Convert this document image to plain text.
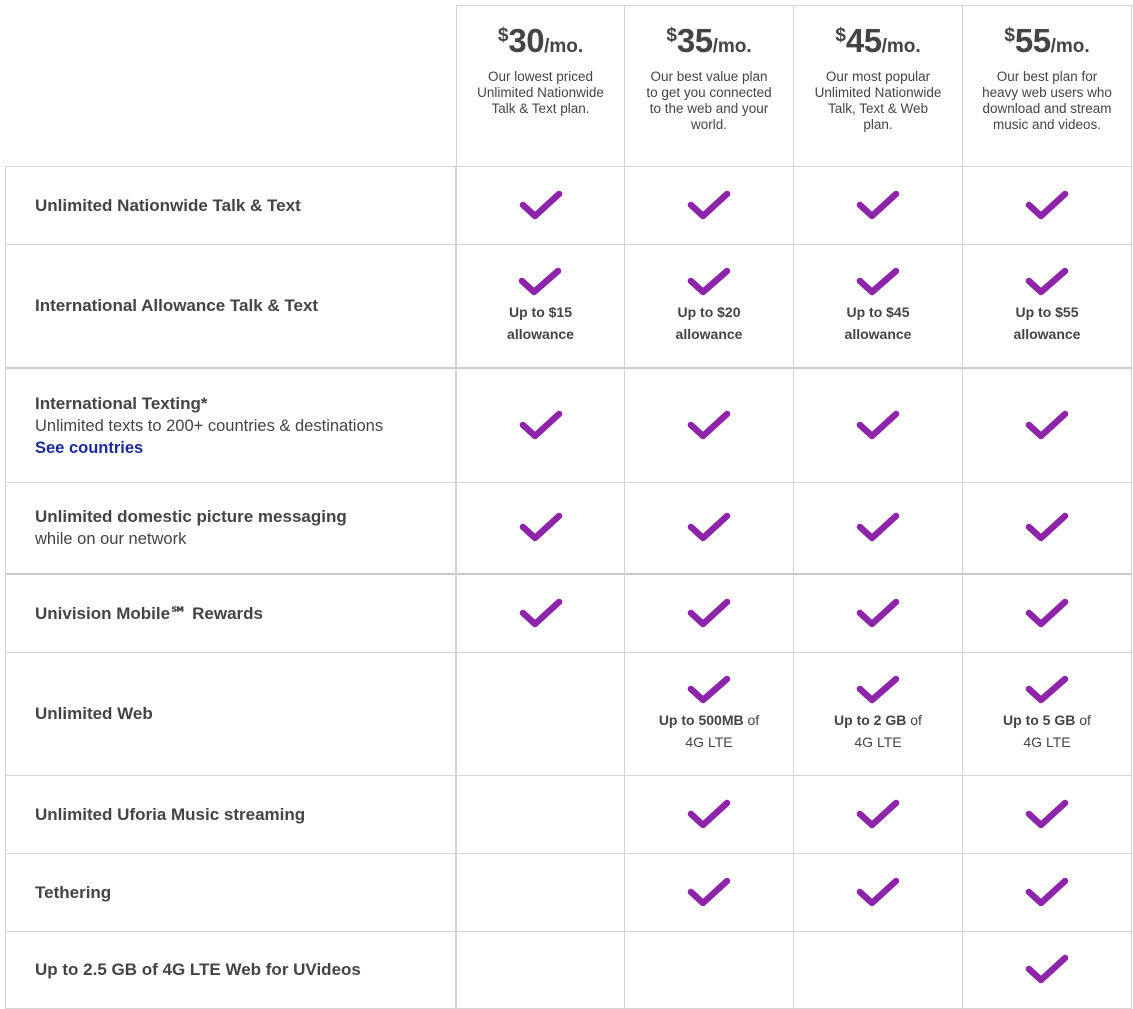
$30/mo.
Our lowest priced Unlimited Nationwide Talk & Text plan.
$35/mo.
Our best value plan to get you connected to the web and your world.
$45/mo.
Our most popular Unlimited Nationwide Talk, Text & Web plan.
$55/mo.
Our best plan for heavy web users who download and stream music and videos.
Unlimited Nationwide Talk & Text
International Allowance Talk & Text	Up to $15
allowance
Up to $20
allowance
Up to $45
allowance
Up to $55
allowance
International Texting*
Unlimited texts to 200+ countries & destinations
See countries
Unlimited domestic picture messaging
while on our network
Univision Mobile℠ Rewards
Unlimited Web	Up to 500MB of
4G LTE
Up to 2 GB of
4G LTE
Up to 5 GB of
4G LTE
Unlimited Uforia Music streaming
Tethering
Up to 2.5 GB of 4G LTE Web for UVideos
